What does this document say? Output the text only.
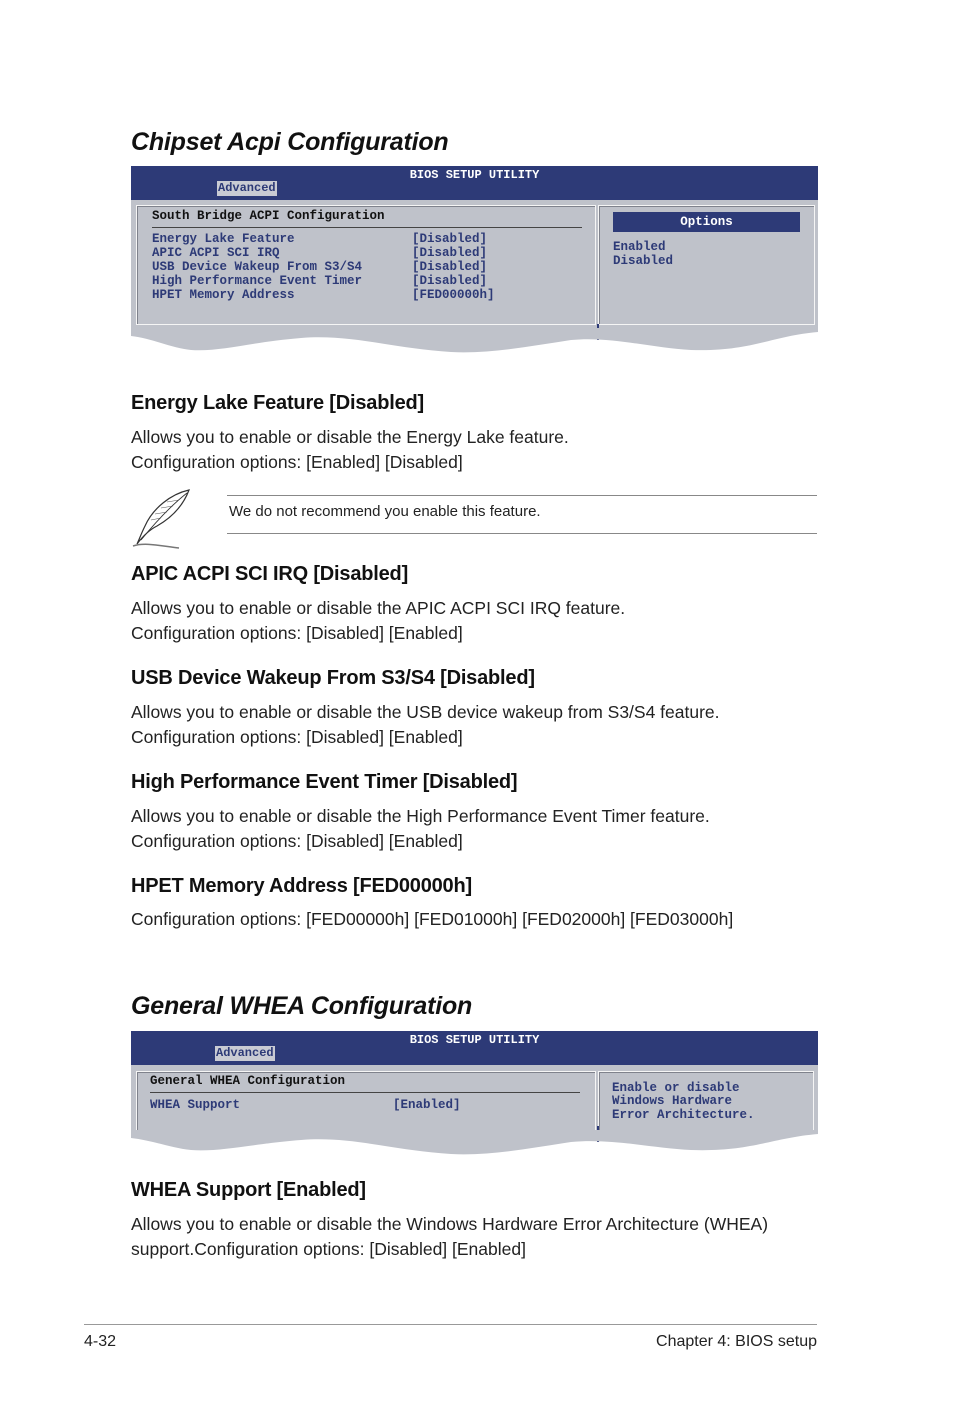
Chipset Acpi Configuration
BIOS SETUP UTILITY
Advanced
South Bridge ACPI Configuration
Energy Lake Feature	[Disabled]
APIC ACPI SCI IRQ	[Disabled]
USB Device Wakeup From S3/S4	[Disabled]
High Performance Event Timer	[Disabled]
HPET Memory Address	[FED00000h]
Options
Enabled
Disabled
Energy Lake Feature [Disabled]
Allows you to enable or disable the Energy Lake feature.
Configuration options: [Enabled] [Disabled]
We do not recommend you enable this feature.
APIC ACPI SCI IRQ [Disabled]
Allows you to enable or disable the APIC ACPI SCI IRQ feature.
Configuration options: [Disabled] [Enabled]
USB Device Wakeup From S3/S4 [Disabled]
Allows you to enable or disable the USB device wakeup from S3/S4 feature.
Configuration options: [Disabled] [Enabled]
High Performance Event Timer [Disabled]
Allows you to enable or disable the High Performance Event Timer feature.
Configuration options: [Disabled] [Enabled]
HPET Memory Address [FED00000h]
Configuration options: [FED00000h] [FED01000h] [FED02000h] [FED03000h]
General WHEA Configuration
BIOS SETUP UTILITY
Advanced
General WHEA Configuration
WHEA Support	[Enabled]
Enable or disable
Windows Hardware
Error Architecture.
WHEA Support [Enabled]
Allows you to enable or disable the Windows Hardware Error Architecture (WHEA)
support.Configuration options: [Disabled] [Enabled]
4-32	Chapter 4: BIOS setup
